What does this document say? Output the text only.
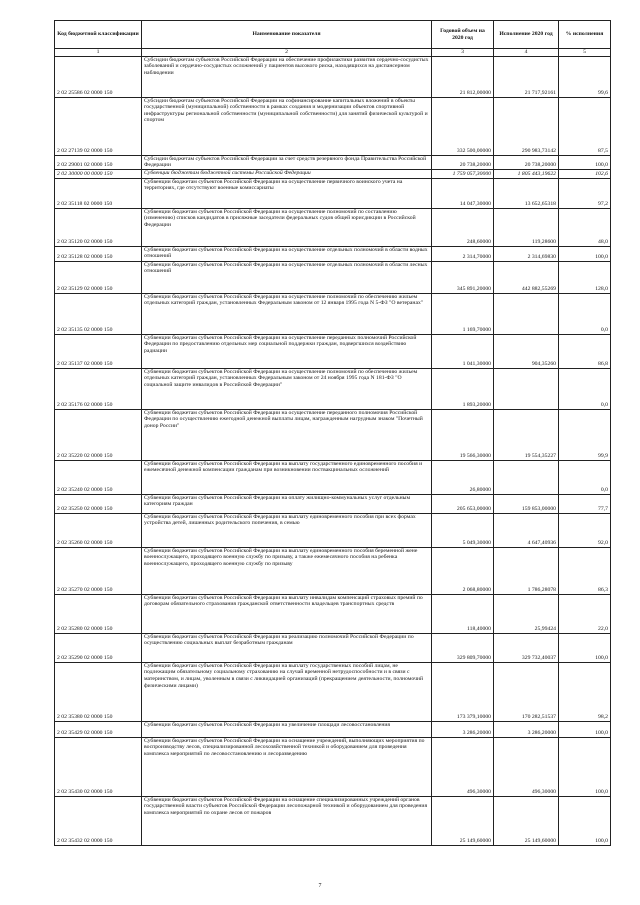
Код бюджетной классификации	Наименование показателя	Годовой объем на 2020 год	Исполнение 2020 год	% исполнения
1	2	3	4	5
2 02 25586 02 0000 150	Субсидии бюджетам субъектов Российской Федерации на обеспечение профилактики развития сердечно-сосудистых заболеваний и сердечно-сосудистых осложнений у пациентов высокого риска, находящихся на диспансерном наблюдении	21 812,00000	21 717,92161	99,6
2 02 27139 02 0000 150	Субсидии бюджетам субъектов Российской Федерации на софинансирование капитальных вложений в объекты государственной (муниципальной) собственности в рамках создания и модернизации объектов спортивной инфраструктуры региональной собственности (муниципальной собственности) для занятий физической культурой и спортом	332 500,00000	290 983,73142	87,5
2 02 29001 02 0000 150	Субсидии бюджетам субъектов Российской Федерации за счет средств резервного фонда Правительства Российской Федерации	20 738,20000	20 738,20000	100,0
2 02 30000 00 0000 150	Субвенции бюджетам бюджетной системы Российской Федерации	1 759 057,30000	1 805 443,19622	102,6
2 02 35118 02 0000 150	Субвенции бюджетам субъектов Российской Федерации на осуществление первичного воинского учета на территориях, где отсутствуют военные комиссариаты	14 047,30000	13 652,65318	97,2
2 02 35120 02 0000 150	Субвенции бюджетам субъектов Российской Федерации на осуществление полномочий по составлению (изменению) списков кандидатов в присяжные заседатели федеральных судов общей юрисдикции в Российской Федерации	248,60000	119,28600	48,0
2 02 35128 02 0000 150	Субвенции бюджетам субъектов Российской Федерации на осуществление отдельных полномочий в области водных отношений	2 314,70000	2 314,69830	100,0
2 02 35129 02 0000 150	Субвенции бюджетам субъектов Российской Федерации на осуществление отдельных полномочий в области лесных отношений	345 891,20000	442 882,55269	128,0
2 02 35135 02 0000 150	Субвенции бюджетам субъектов Российской Федерации на осуществление полномочий по обеспечению жильем отдельных категорий граждан, установленных Федеральным законом от 12 января 1995 года N 5-ФЗ "О ветеранах"	1 169,70000		0,0
2 02 35137 02 0000 150	Субвенции бюджетам субъектов Российской Федерации на осуществление переданных полномочий Российской Федерации по предоставлению отдельных мер социальной поддержки граждан, подвергшихся воздействию радиации	1 041,30000	904,35260	86,8
2 02 35176 02 0000 150	Субвенции бюджетам субъектов Российской Федерации на осуществление полномочий по обеспечению жильем отдельных категорий граждан, установленных Федеральным законом от 24 ноября 1995 года N 181-ФЗ "О социальной защите инвалидов в Российской Федерации"	1 893,20000		0,0
2 02 35220 02 0000 150	Субвенции бюджетам субъектов Российской Федерации на осуществление переданного полномочия Российской Федерации по осуществлению ежегодной денежной выплаты лицам, награжденным нагрудным знаком "Почетный донор России"	19 566,30000	19 554,35227	99,9
2 02 35240 02 0000 150	Субвенции бюджетам субъектов Российской Федерации на выплату государственного единовременного пособия и ежемесячной денежной компенсации гражданам при возникновении поствакцинальных осложнений	26,80000		0,0
2 02 35250 02 0000 150	Субвенции бюджетам субъектов Российской Федерации на оплату жилищно-коммунальных услуг отдельным категориям граждан	205 653,00000	159 853,00000	77,7
2 02 35260 02 0000 150	Субвенции бюджетам субъектов Российской Федерации на выплату единовременного пособия при всех формах устройства детей, лишенных родительского попечения, в семью	5 049,30000	4 647,40936	92,0
2 02 35270 02 0000 150	Субвенции бюджетам субъектов Российской Федерации на выплату единовременного пособия беременной жене военнослужащего, проходящего военную службу по призыву, а также ежемесячного пособия на ребенка военнослужащего, проходящего военную службу по призыву	2 068,80000	1 786,28078	86,3
2 02 35280 02 0000 150	Субвенции бюджетам субъектов Российской Федерации на выплату инвалидам компенсаций страховых премий по договорам обязательного страхования гражданской ответственности владельцев транспортных средств	118,40000	25,99424	22,0
2 02 35290 02 0000 150	Субвенции бюджетам субъектов Российской Федерации на реализацию полномочий Российской Федерации по осуществлению социальных выплат безработным гражданам	329 809,70000	329 732,40037	100,0
2 02 35380 02 0000 150	Субвенции бюджетам субъектов Российской Федерации на выплату государственных пособий лицам, не подлежащим обязательному социальному страхованию на случай временной нетрудоспособности и в связи с материнством, и лицам, уволенным в связи с ликвидацией организаций (прекращением деятельности, полномочий физическими лицами)	173 379,10000	170 282,51537	98,2
2 02 35429 02 0000 150	Субвенции бюджетам субъектов Российской Федерации на увеличение площади лесовосстановления	3 286,20000	3 286,20000	100,0
2 02 35430 02 0000 150	Субвенции бюджетам субъектов Российской Федерации на оснащение учреждений, выполняющих мероприятия по воспроизводству лесов, специализированной лесохозяйственной техникой и оборудованием для проведения комплекса мероприятий по лесовосстановлению и лесоразведению	496,30000	496,30000	100,0
2 02 35432 02 0000 150	Субвенции бюджетам субъектов Российской Федерации на оснащение специализированных учреждений органов государственной власти субъектов Российской Федерации лесопожарной техникой и оборудованием для проведения комплекса мероприятий по охране лесов от пожаров	25 149,60000	25 149,60000	100,0
7
